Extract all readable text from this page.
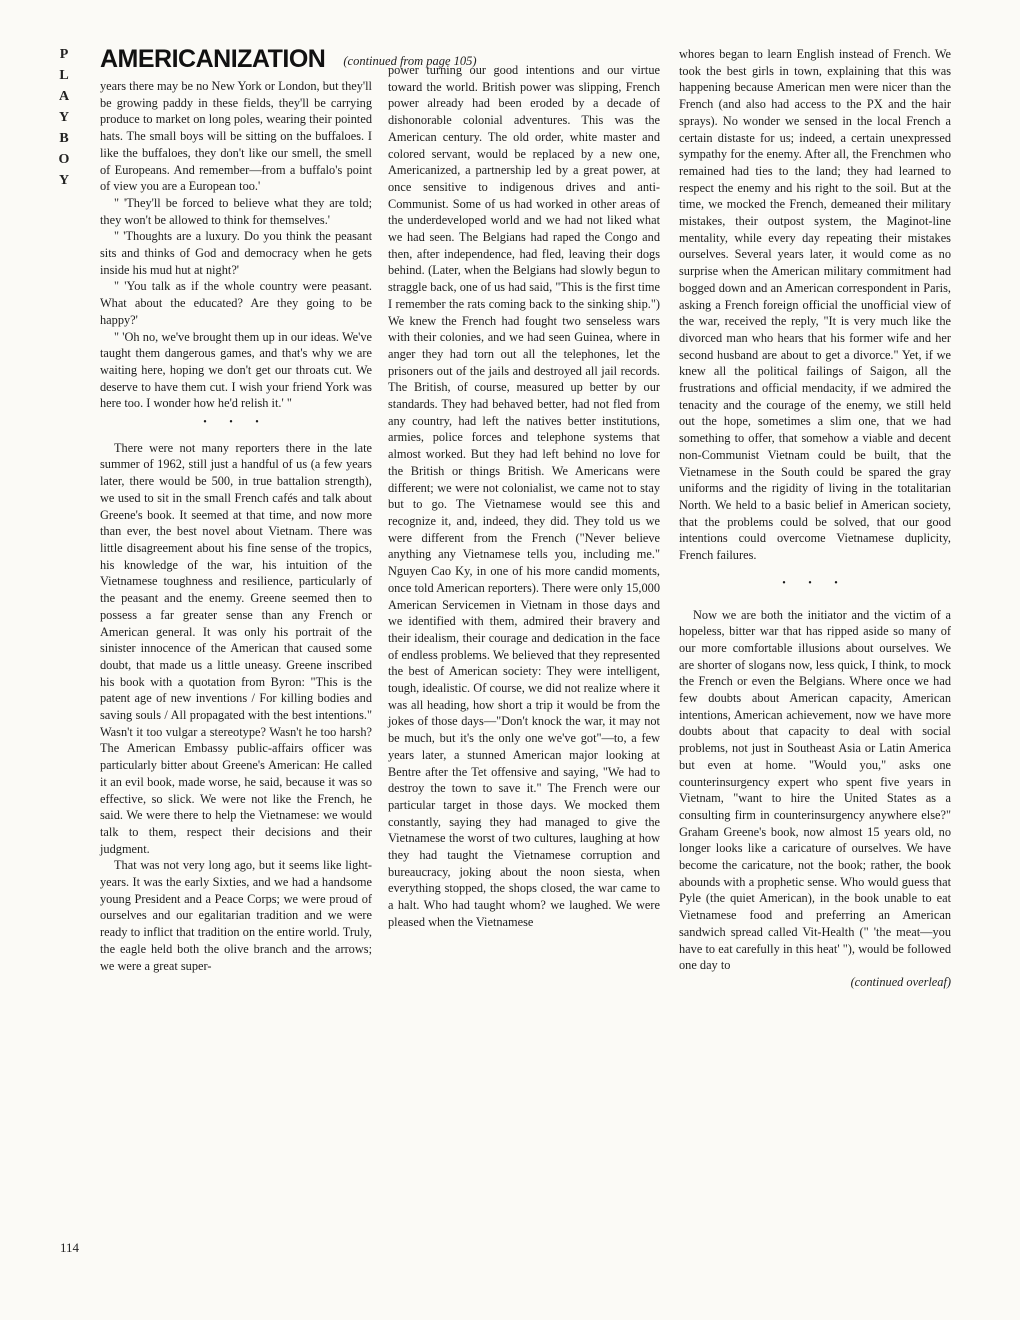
P
L
A
Y
B
O
Y
AMERICANIZATION (continued from page 105)

years there may be no New York or London, but they'll be growing paddy in these fields, they'll be carrying produce to market on long poles, wearing their pointed hats. The small boys will be sitting on the buffaloes. I like the buffaloes, they don't like our smell, the smell of Europeans. And remember—from a buffalo's point of view you are a European too.'

" 'They'll be forced to believe what they are told; they won't be allowed to think for themselves.'

" 'Thoughts are a luxury. Do you think the peasant sits and thinks of God and democracy when he gets inside his mud hut at night?'

" 'You talk as if the whole country were peasant. What about the educated? Are they going to be happy?'

" 'Oh no, we've brought them up in our ideas. We've taught them dangerous games, and that's why we are waiting here, hoping we don't get our throats cut. We deserve to have them cut. I wish your friend York was here too. I wonder how he'd relish it.' "

• • •

There were not many reporters there in the late summer of 1962, still just a handful of us (a few years later, there would be 500, in true battalion strength), we used to sit in the small French cafés and talk about Greene's book. It seemed at that time, and now more than ever, the best novel about Vietnam. There was little disagreement about his fine sense of the tropics, his knowledge of the war, his intuition of the Vietnamese toughness and resilience, particularly of the peasant and the enemy. Greene seemed then to possess a far greater sense than any French or American general. It was only his portrait of the sinister innocence of the American that caused some doubt, that made us a little uneasy. Greene inscribed his book with a quotation from Byron: "This is the patent age of new inventions / For killing bodies and saving souls / All propagated with the best intentions." Wasn't it too vulgar a stereotype? Wasn't he too harsh? The American Embassy public-affairs officer was particularly bitter about Greene's American: He called it an evil book, made worse, he said, because it was so effective, so slick. We were not like the French, he said. We were there to help the Vietnamese: we would talk to them, respect their decisions and their judgment.

That was not very long ago, but it seems like light-years. It was the early Sixties, and we had a handsome young President and a Peace Corps; we were proud of ourselves and our egalitarian tradition and we were ready to inflict that tradition on the entire world. Truly, the eagle held both the olive branch and the arrows; we were a great super-

power turning our good intentions and our virtue toward the world. British power was slipping, French power already had been eroded by a decade of dishonorable colonial adventures. This was the American century. The old order, white master and colored servant, would be replaced by a new one, Americanized, a partnership led by a great power, at once sensitive to indigenous drives and anti-Communist. Some of us had worked in other areas of the underdeveloped world and we had not liked what we had seen. The Belgians had raped the Congo and then, after independence, had fled, leaving their dogs behind. (Later, when the Belgians had slowly begun to straggle back, one of us had said, "This is the first time I remember the rats coming back to the sinking ship.") We knew the French had fought two senseless wars with their colonies, and we had seen Guinea, where in anger they had torn out all the telephones, let the prisoners out of the jails and destroyed all jail records. The British, of course, measured up better by our standards. They had behaved better, had not fled from any country, had left the natives better institutions, armies, police forces and telephone systems that almost worked. But they had left behind no love for the British or things British. We Americans were different; we were not colonialist, we came not to stay but to go. The Vietnamese would see this and recognize it, and, indeed, they did. They told us we were different from the French ("Never believe anything any Vietnamese tells you, including me." Nguyen Cao Ky, in one of his more candid moments, once told American reporters). There were only 15,000 American Servicemen in Vietnam in those days and we identified with them, admired their bravery and their idealism, their courage and dedication in the face of endless problems. We believed that they represented the best of American society: They were intelligent, tough, idealistic. Of course, we did not realize where it was all heading, how short a trip it would be from the jokes of those days—"Don't knock the war, it may not be much, but it's the only one we've got"—to, a few years later, a stunned American major looking at Bentre after the Tet offensive and saying, "We had to destroy the town to save it." The French were our particular target in those days. We mocked them constantly, saying they had managed to give the Vietnamese the worst of two cultures, laughing at how they had taught the Vietnamese corruption and bureaucracy, joking about the noon siesta, when everything stopped, the shops closed, the war came to a halt. Who had taught whom? we laughed. We were pleased when the Vietnamese

whores began to learn English instead of French. We took the best girls in town, explaining that this was happening because American men were nicer than the French (and also had access to the PX and the hair sprays). No wonder we sensed in the local French a certain distaste for us; indeed, a certain unexpressed sympathy for the enemy. After all, the Frenchmen who remained had ties to the land; they had learned to respect the enemy and his right to the soil. But at the time, we mocked the French, demeaned their military mistakes, their outpost system, the Maginot-line mentality, while every day repeating their mistakes ourselves. Several years later, it would come as no surprise when the American military commitment had bogged down and an American correspondent in Paris, asking a French foreign official the unofficial view of the war, received the reply, "It is very much like the divorced man who hears that his former wife and her second husband are about to get a divorce." Yet, if we knew all the political failings of Saigon, all the frustrations and official mendacity, if we admired the tenacity and the courage of the enemy, we still held out the hope, sometimes a slim one, that we had something to offer, that somehow a viable and decent non-Communist Vietnam could be built, that the Vietnamese in the South could be spared the gray uniforms and the rigidity of living in the totalitarian North. We held to a basic belief in American society, that the problems could be solved, that our good intentions could overcome Vietnamese duplicity, French failures.

• • •

Now we are both the initiator and the victim of a hopeless, bitter war that has ripped aside so many of our more comfortable illusions about ourselves. We are shorter of slogans now, less quick, I think, to mock the French or even the Belgians. Where once we had few doubts about American capacity, American intentions, American achievement, now we have more doubts about that capacity to deal with social problems, not just in Southeast Asia or Latin America but even at home. "Would you," asks one counterinsurgency expert who spent five years in Vietnam, "want to hire the United States as a consulting firm in counterinsurgency anywhere else?" Graham Greene's book, now almost 15 years old, no longer looks like a caricature of ourselves. We have become the caricature, not the book; rather, the book abounds with a prophetic sense. Who would guess that Pyle (the quiet American), in the book unable to eat Vietnamese food and preferring an American sandwich spread called Vit-Health (" 'the meat—you have to eat carefully in this heat' "), would be followed one day to

(continued overleaf)

114
